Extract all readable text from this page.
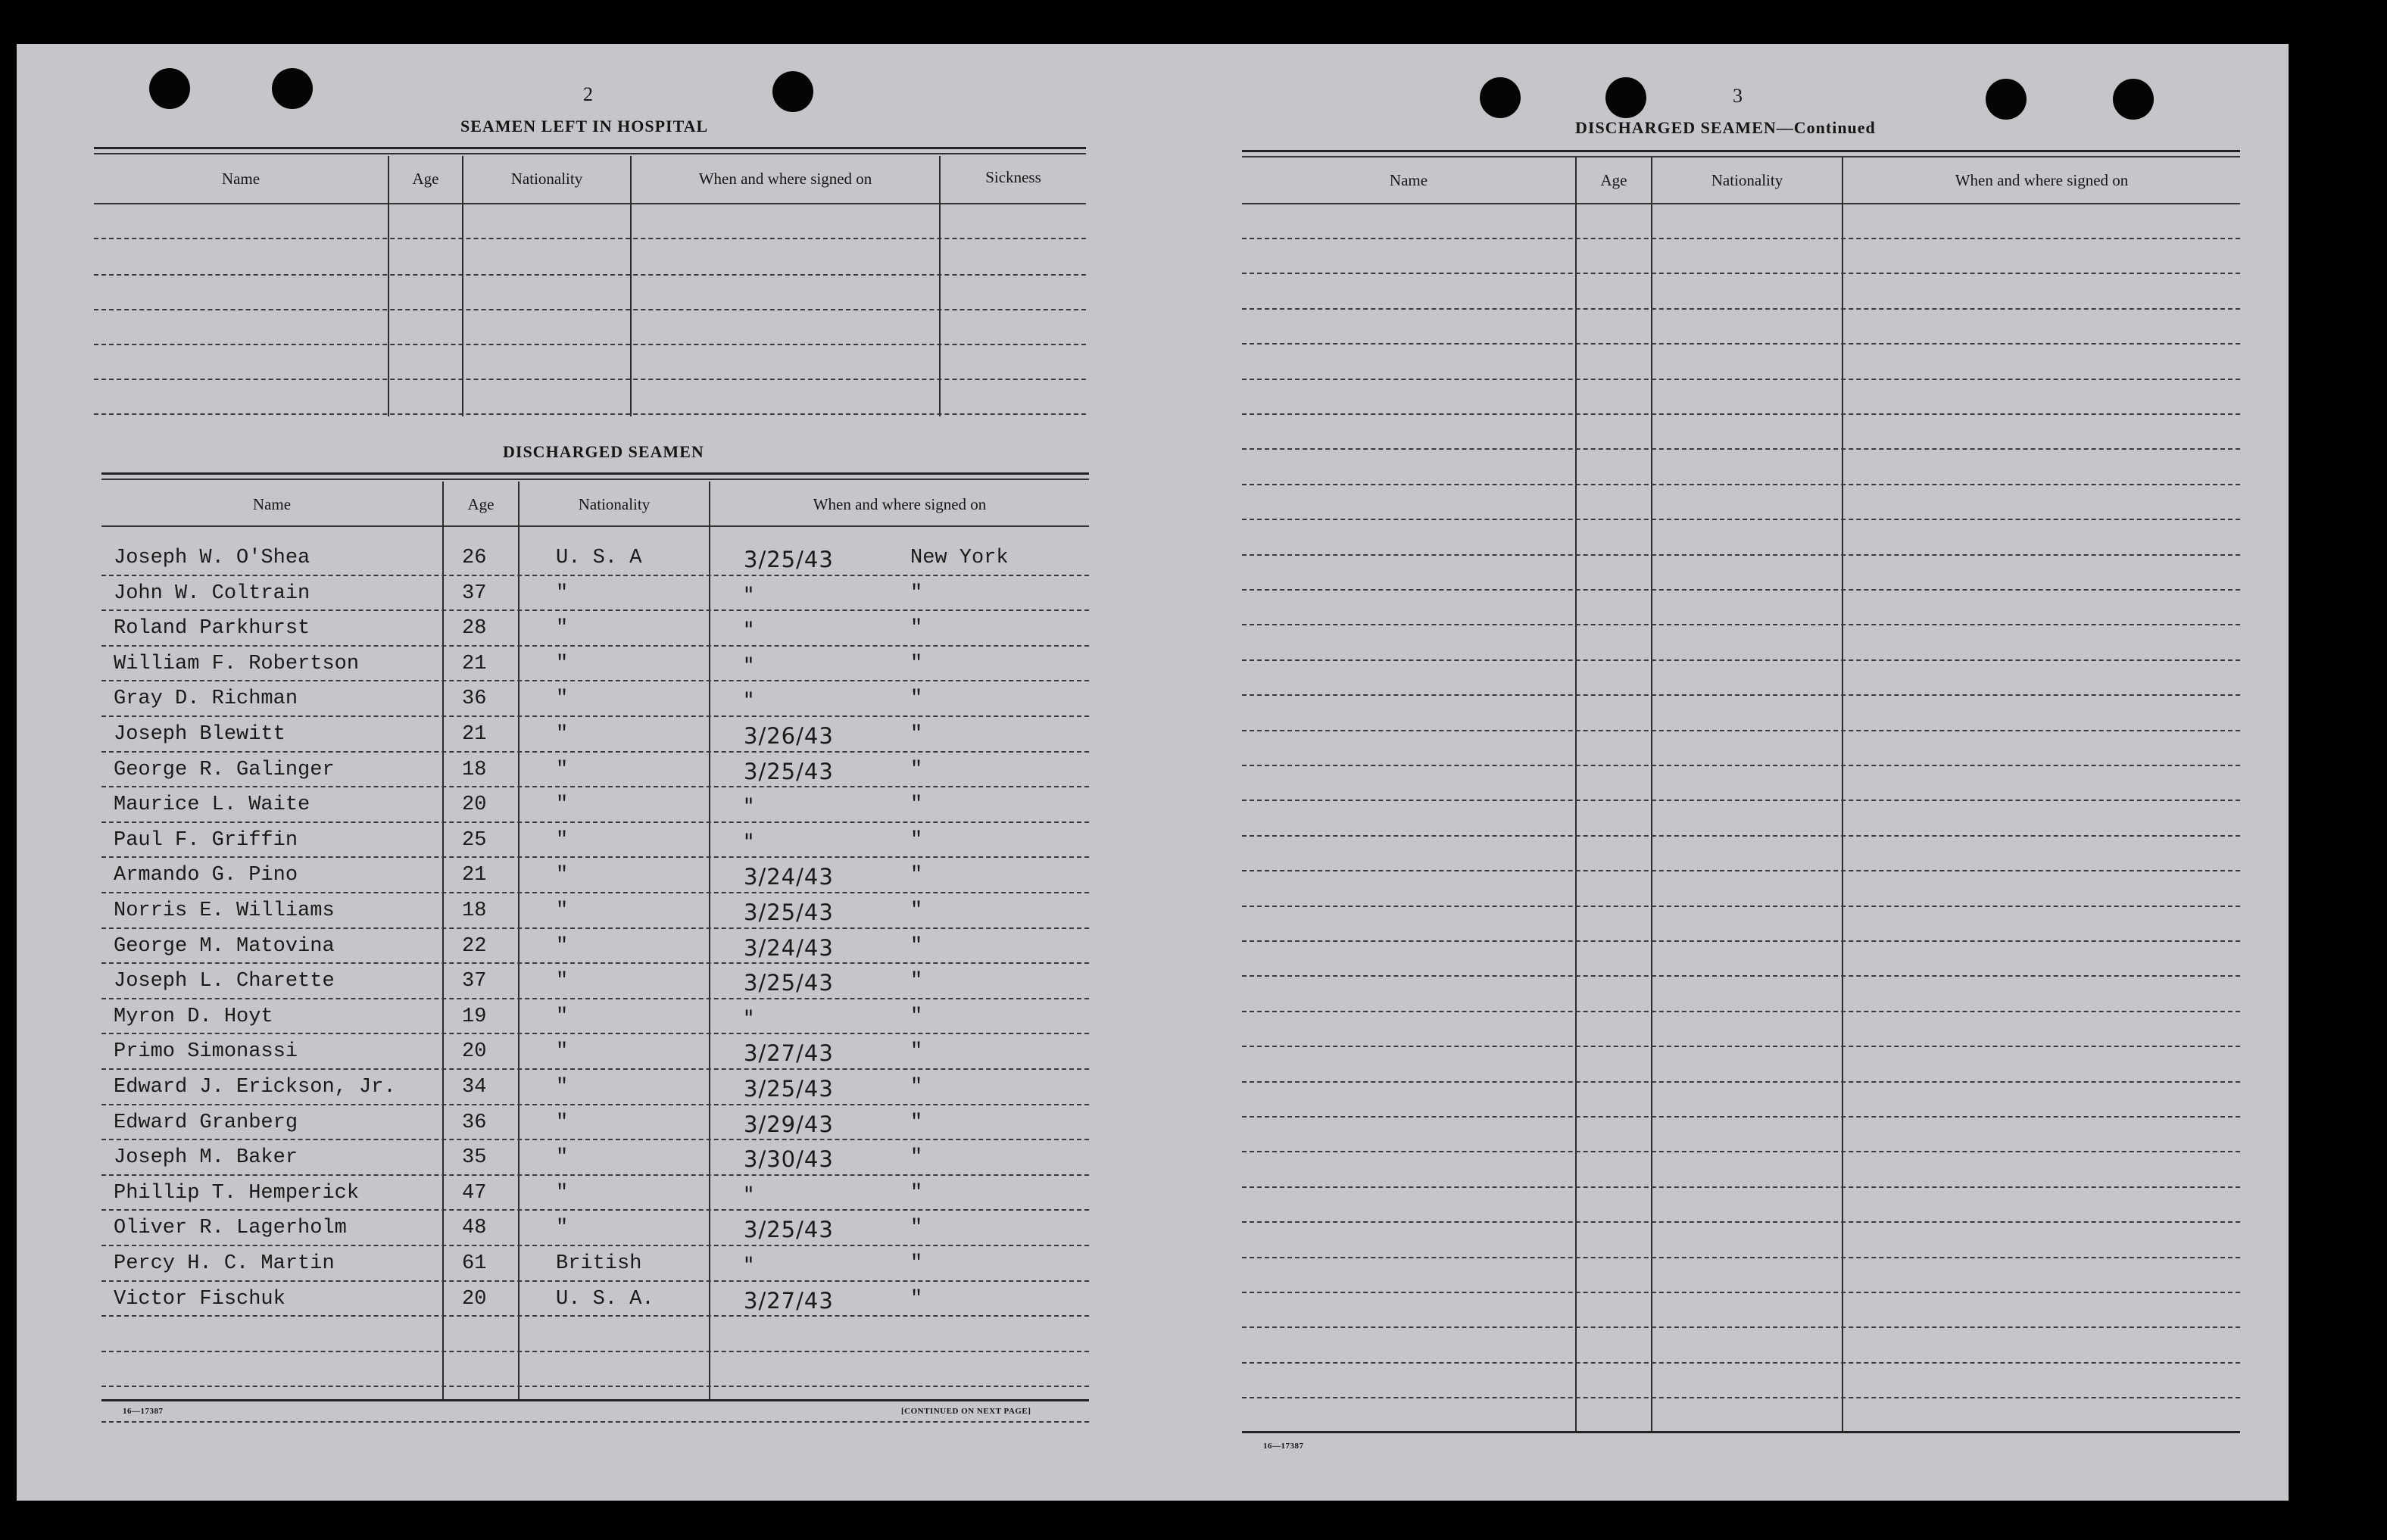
2
SEAMEN LEFT IN HOSPITAL
Name	Age	Nationality	When and where signed on	Sickness
DISCHARGED SEAMEN
Name	Age	Nationality	When and where signed on
Joseph W. O'Shea	26	U. S. A	3/25/43	New York
John W. Coltrain	37	"	"	"
Roland Parkhurst	28	"	"	"
William F. Robertson	21	"	"	"
Gray D. Richman	36	"	"	"
Joseph Blewitt	21	"	3/26/43	"
George R. Galinger	18	"	3/25/43	"
Maurice L. Waite	20	"	"	"
Paul F. Griffin	25	"	"	"
Armando G. Pino	21	"	3/24/43	"
Norris E. Williams	18	"	3/25/43	"
George M. Matovina	22	"	3/24/43	"
Joseph L. Charette	37	"	3/25/43	"
Myron D. Hoyt	19	"	"	"
Primo Simonassi	20	"	3/27/43	"
Edward J. Erickson, Jr.	34	"	3/25/43	"
Edward Granberg	36	"	3/29/43	"
Joseph M. Baker	35	"	3/30/43	"
Phillip T. Hemperick	47	"	"	"
Oliver R. Lagerholm	48	"	3/25/43	"
Percy H. C. Martin	61	British	"	"
Victor Fischuk	20	U. S. A.	3/27/43	"
16—17387	[CONTINUED ON NEXT PAGE]
3
DISCHARGED SEAMEN—Continued
Name	Age	Nationality	When and where signed on
16—17387
